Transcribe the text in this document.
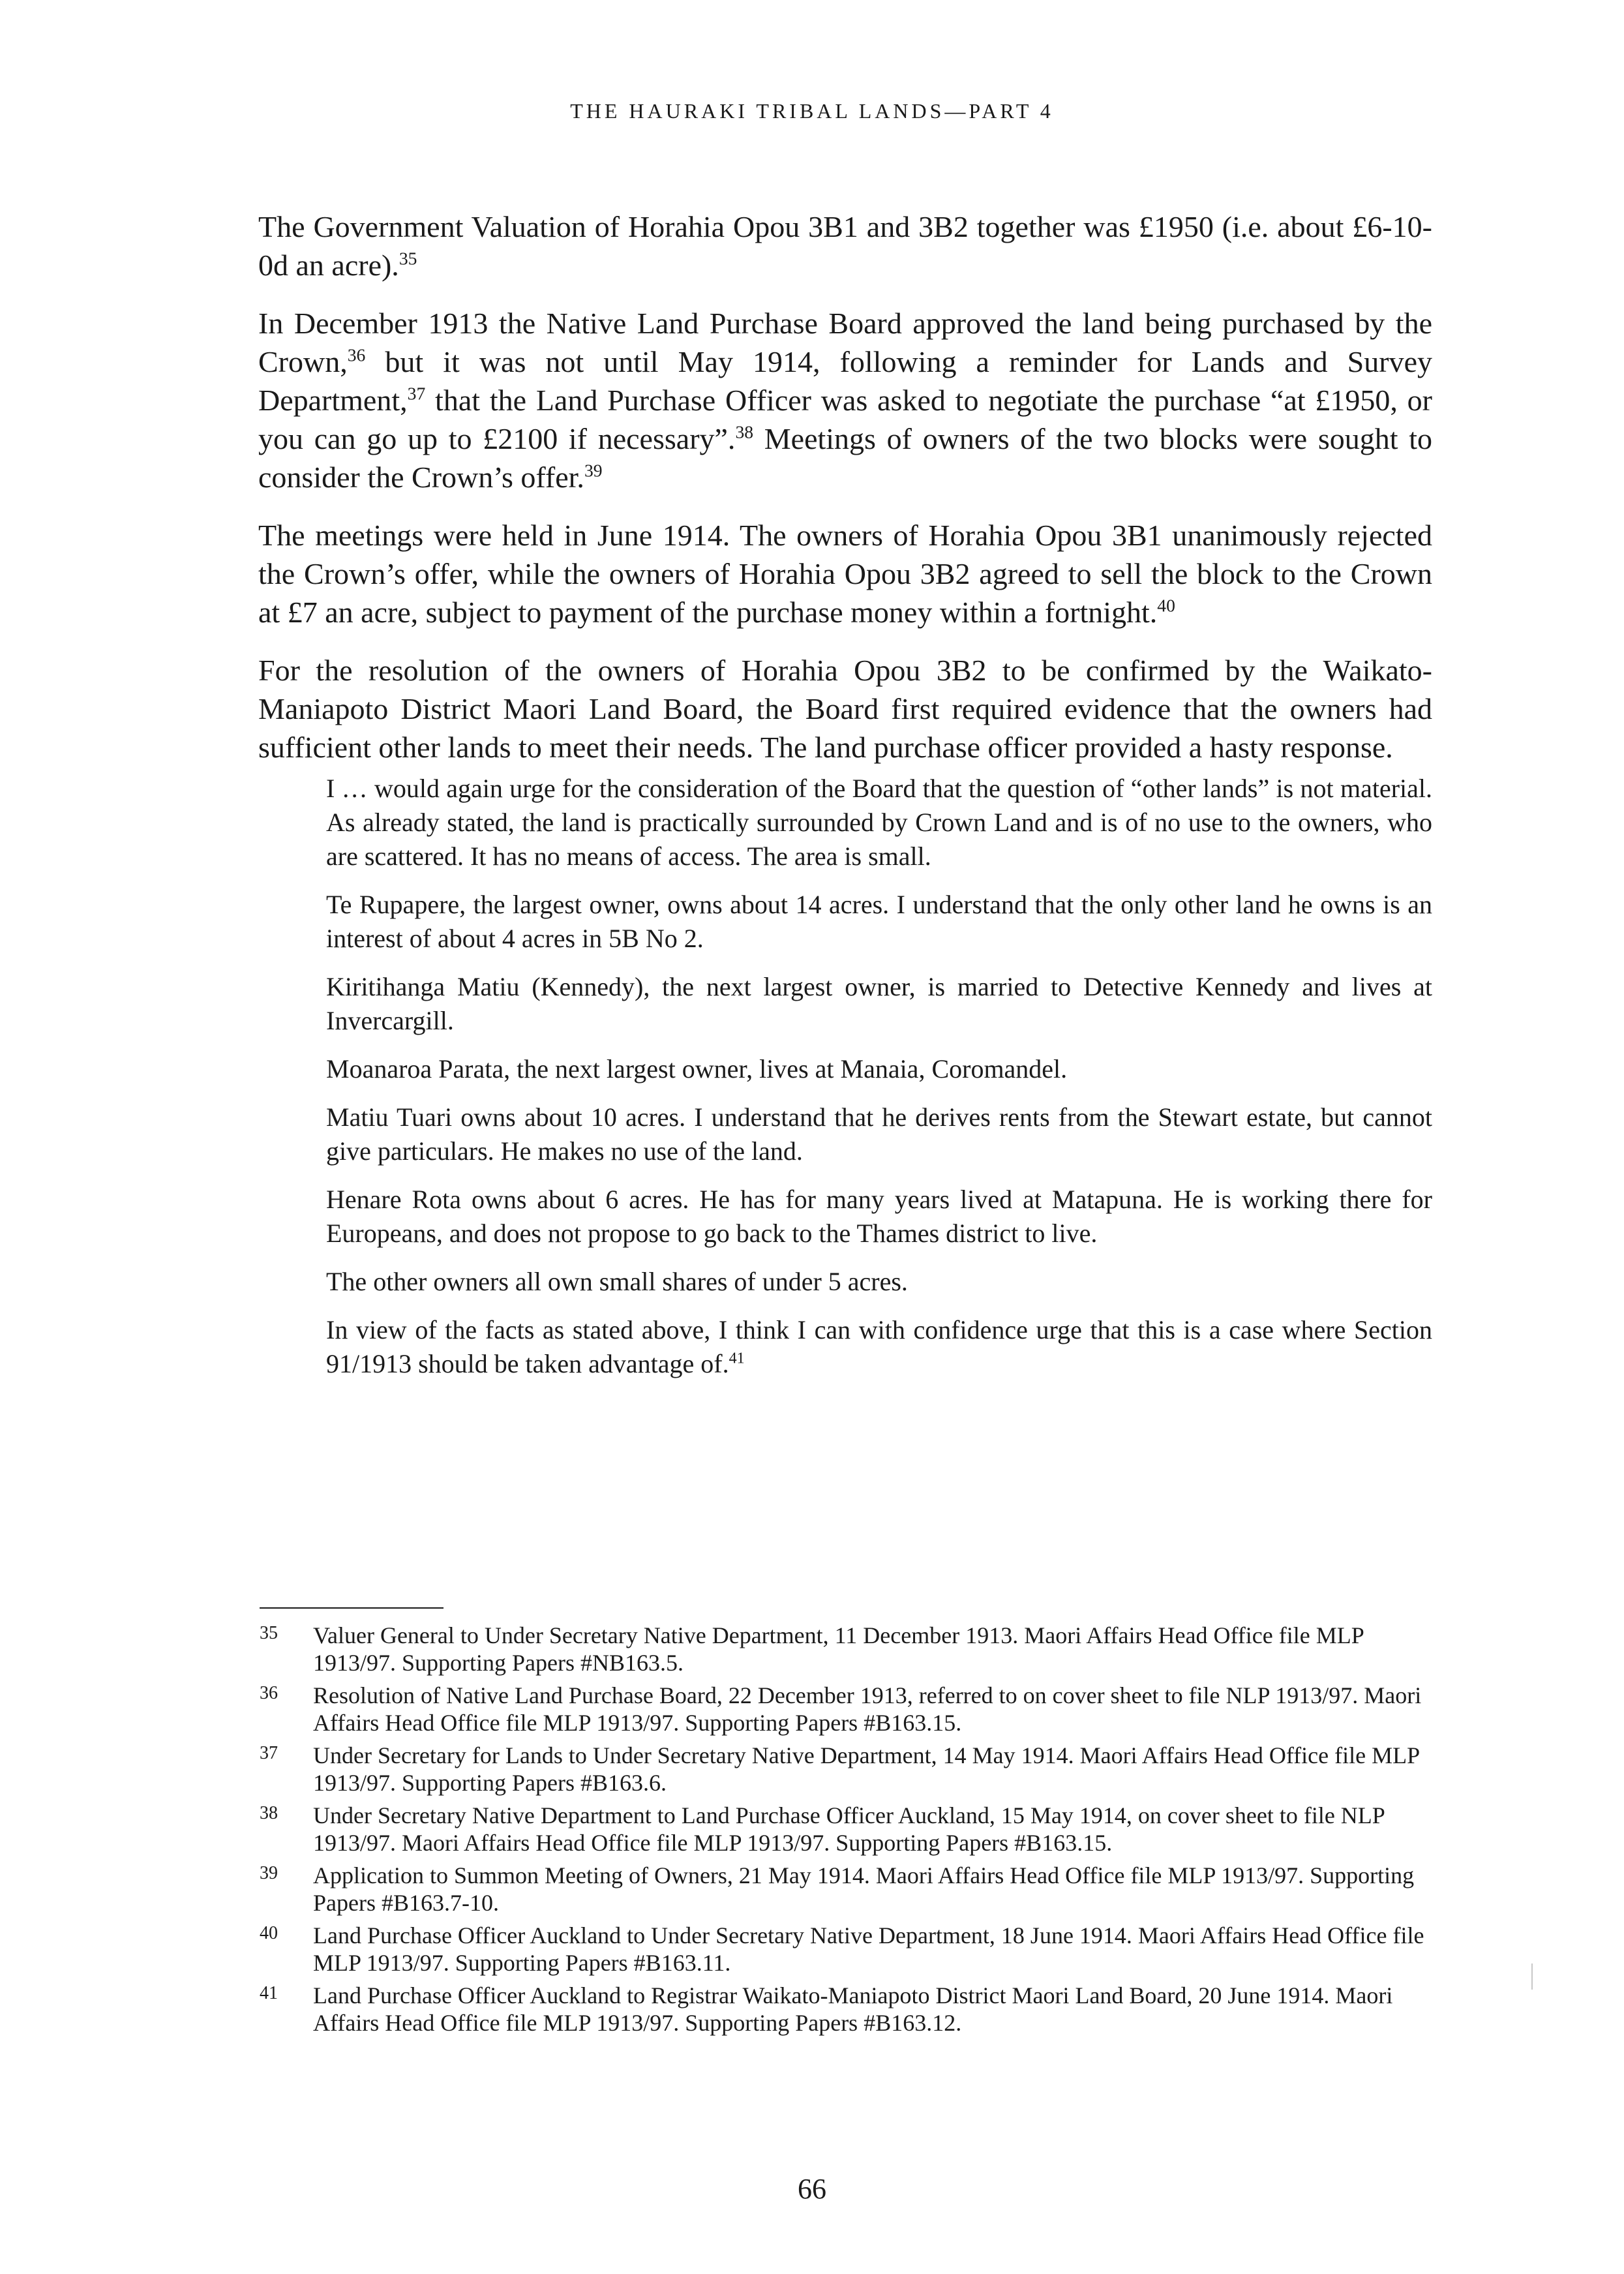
THE HAURAKI TRIBAL LANDS—PART 4

The Government Valuation of Horahia Opou 3B1 and 3B2 together was £1950 (i.e. about £6-10-0d an acre).$^{35}$

In December 1913 the Native Land Purchase Board approved the land being purchased by the Crown,$^{36}$ but it was not until May 1914, following a reminder for Lands and Survey Department,$^{37}$ that the Land Purchase Officer was asked to negotiate the purchase “at £1950, or you can go up to £2100 if necessary”.$^{38}$ Meetings of owners of the two blocks were sought to consider the Crown’s offer.$^{39}$

The meetings were held in June 1914. The owners of Horahia Opou 3B1 unanimously rejected the Crown’s offer, while the owners of Horahia Opou 3B2 agreed to sell the block to the Crown at £7 an acre, subject to payment of the purchase money within a fortnight.$^{40}$

For the resolution of the owners of Horahia Opou 3B2 to be confirmed by the Waikato-Maniapoto District Maori Land Board, the Board first required evidence that the owners had sufficient other lands to meet their needs. The land purchase officer provided a hasty response.

I … would again urge for the consideration of the Board that the question of “other lands” is not material. As already stated, the land is practically surrounded by Crown Land and is of no use to the owners, who are scattered. It has no means of access. The area is small.

Te Rupapere, the largest owner, owns about 14 acres. I understand that the only other land he owns is an interest of about 4 acres in 5B No 2.

Kiritihanga Matiu (Kennedy), the next largest owner, is married to Detective Kennedy and lives at Invercargill.

Moanaroa Parata, the next largest owner, lives at Manaia, Coromandel.

Matiu Tuari owns about 10 acres. I understand that he derives rents from the Stewart estate, but cannot give particulars. He makes no use of the land.

Henare Rota owns about 6 acres. He has for many years lived at Matapuna. He is working there for Europeans, and does not propose to go back to the Thames district to live.

The other owners all own small shares of under 5 acres.

In view of the facts as stated above, I think I can with confidence urge that this is a case where Section 91/1913 should be taken advantage of.$^{41}$

35	Valuer General to Under Secretary Native Department, 11 December 1913. Maori Affairs Head Office file MLP 1913/97. Supporting Papers #NB163.5.
36	Resolution of Native Land Purchase Board, 22 December 1913, referred to on cover sheet to file NLP 1913/97. Maori Affairs Head Office file MLP 1913/97. Supporting Papers #B163.15.
37	Under Secretary for Lands to Under Secretary Native Department, 14 May 1914. Maori Affairs Head Office file MLP 1913/97. Supporting Papers #B163.6.
38	Under Secretary Native Department to Land Purchase Officer Auckland, 15 May 1914, on cover sheet to file NLP 1913/97. Maori Affairs Head Office file MLP 1913/97. Supporting Papers #B163.15.
39	Application to Summon Meeting of Owners, 21 May 1914. Maori Affairs Head Office file MLP 1913/97. Supporting Papers #B163.7-10.
40	Land Purchase Officer Auckland to Under Secretary Native Department, 18 June 1914. Maori Affairs Head Office file MLP 1913/97. Supporting Papers #B163.11.
41	Land Purchase Officer Auckland to Registrar Waikato-Maniapoto District Maori Land Board, 20 June 1914. Maori Affairs Head Office file MLP 1913/97. Supporting Papers #B163.12.
66
